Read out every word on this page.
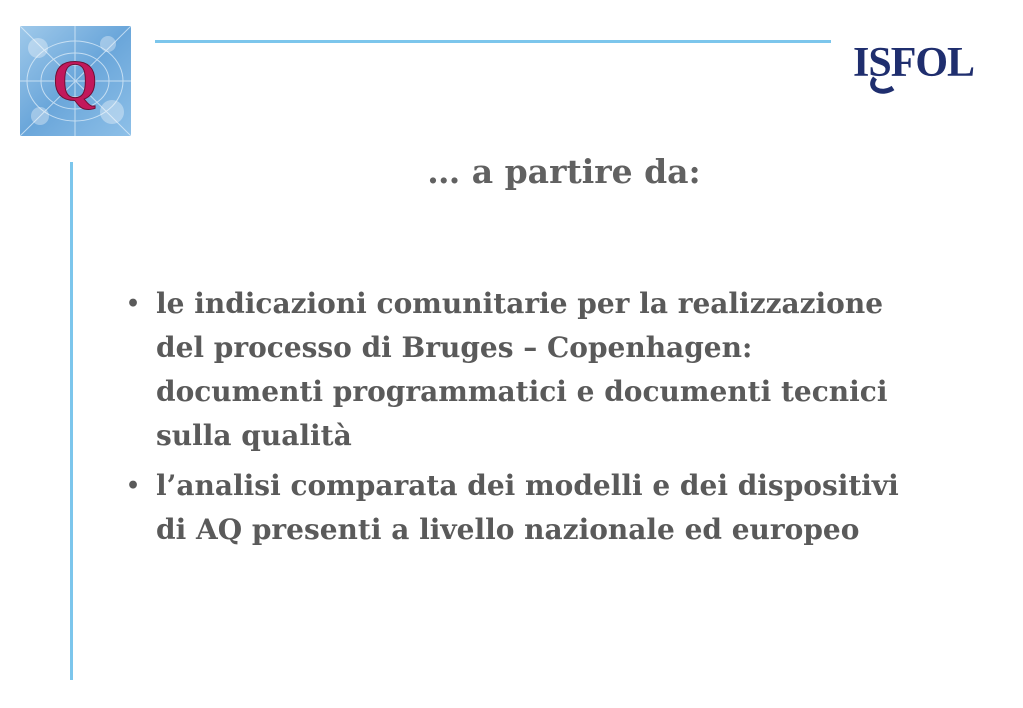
Q	ISFOL
… a partire da:
• le indicazioni comunitarie per la realizzazione
del processo di Bruges – Copenhagen:
documenti programmatici e documenti tecnici
sulla qualità
• l’analisi comparata dei modelli e dei dispositivi
di AQ presenti a livello nazionale ed europeo
